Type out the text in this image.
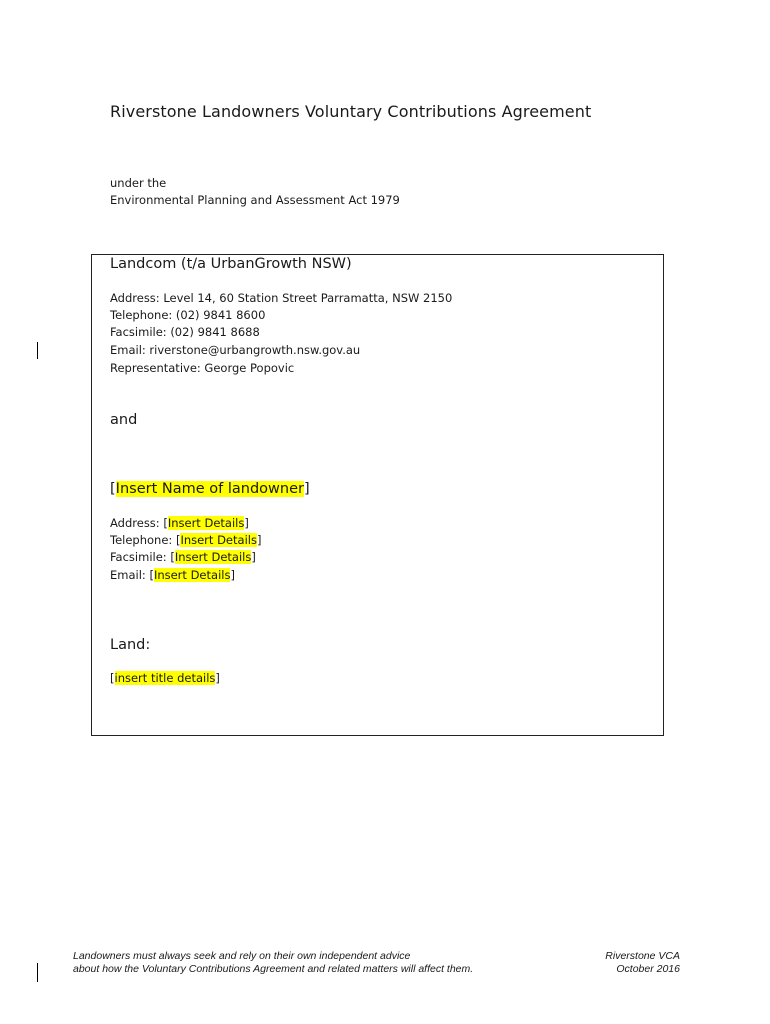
Riverstone Landowners Voluntary Contributions Agreement
under the
Environmental Planning and Assessment Act 1979
Landcom (t/a UrbanGrowth NSW)
Address: Level 14, 60 Station Street Parramatta, NSW 2150
Telephone: (02) 9841 8600
Facsimile: (02) 9841 8688
Email: riverstone@urbangrowth.nsw.gov.au
Representative: George Popovic
and
[Insert Name of landowner]
Address: [Insert Details]
Telephone: [Insert Details]
Facsimile: [Insert Details]
Email: [Insert Details]
Land:
[insert title details]
Landowners must always seek and rely on their own independent advice
about how the Voluntary Contributions Agreement and related matters will affect them.
Riverstone VCA
October 2016
